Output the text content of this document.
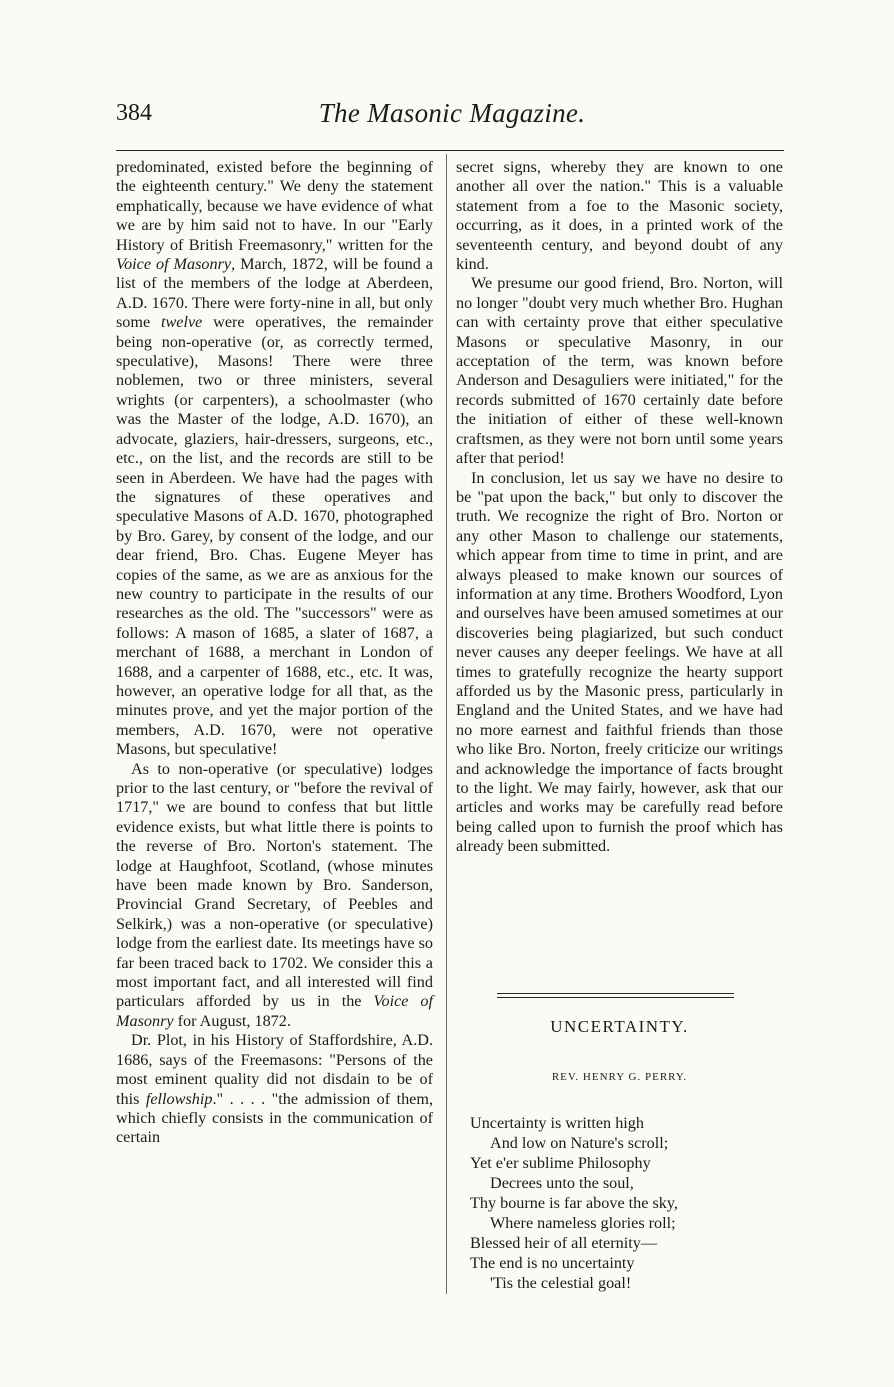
384	The Masonic Magazine.

predominated, existed before the beginning of the eighteenth century." We deny the statement emphatically, because we have evidence of what we are by him said not to have. In our "Early History of British Freemasonry," written for the Voice of Masonry, March, 1872, will be found a list of the members of the lodge at Aberdeen, A.D. 1670. There were forty-nine in all, but only some twelve were operatives, the remainder being non-operative (or, as correctly termed, speculative), Masons! There were three noblemen, two or three ministers, several wrights (or carpenters), a schoolmaster (who was the Master of the lodge, A.D. 1670), an advocate, glaziers, hair-dressers, surgeons, etc., etc., on the list, and the records are still to be seen in Aberdeen. We have had the pages with the signatures of these operatives and speculative Masons of A.D. 1670, photographed by Bro. Garey, by consent of the lodge, and our dear friend, Bro. Chas. Eugene Meyer has copies of the same, as we are as anxious for the new country to participate in the results of our researches as the old. The "successors" were as follows: A mason of 1685, a slater of 1687, a merchant of 1688, a merchant in London of 1688, and a carpenter of 1688, etc., etc. It was, however, an operative lodge for all that, as the minutes prove, and yet the major portion of the members, A.D. 1670, were not operative Masons, but speculative!

As to non-operative (or speculative) lodges prior to the last century, or "before the revival of 1717," we are bound to confess that but little evidence exists, but what little there is points to the reverse of Bro. Norton's statement. The lodge at Haughfoot, Scotland, (whose minutes have been made known by Bro. Sanderson, Provincial Grand Secretary, of Peebles and Selkirk,) was a non-operative (or speculative) lodge from the earliest date. Its meetings have so far been traced back to 1702. We consider this a most important fact, and all interested will find particulars afforded by us in the Voice of Masonry for August, 1872.

Dr. Plot, in his History of Staffordshire, A.D. 1686, says of the Freemasons: "Persons of the most eminent quality did not disdain to be of this fellowship." . . . . "the admission of them, which chiefly consists in the communication of certain

secret signs, whereby they are known to one another all over the nation." This is a valuable statement from a foe to the Masonic society, occurring, as it does, in a printed work of the seventeenth century, and beyond doubt of any kind.

We presume our good friend, Bro. Norton, will no longer "doubt very much whether Bro. Hughan can with certainty prove that either speculative Masons or speculative Masonry, in our acceptation of the term, was known before Anderson and Desaguliers were initiated," for the records submitted of 1670 certainly date before the initiation of either of these well-known craftsmen, as they were not born until some years after that period!

In conclusion, let us say we have no desire to be "pat upon the back," but only to discover the truth. We recognize the right of Bro. Norton or any other Mason to challenge our statements, which appear from time to time in print, and are always pleased to make known our sources of information at any time. Brothers Woodford, Lyon and ourselves have been amused sometimes at our discoveries being plagiarized, but such conduct never causes any deeper feelings. We have at all times to gratefully recognize the hearty support afforded us by the Masonic press, particularly in England and the United States, and we have had no more earnest and faithful friends than those who like Bro. Norton, freely criticize our writings and acknowledge the importance of facts brought to the light. We may fairly, however, ask that our articles and works may be carefully read before being called upon to furnish the proof which has already been submitted.

UNCERTAINTY.
REV. HENRY G. PERRY.
Uncertainty is written high
And low on Nature's scroll;
Yet e'er sublime Philosophy
Decrees unto the soul,
Thy bourne is far above the sky,
Where nameless glories roll;
Blessed heir of all eternity—
The end is no uncertainty
'Tis the celestial goal!
